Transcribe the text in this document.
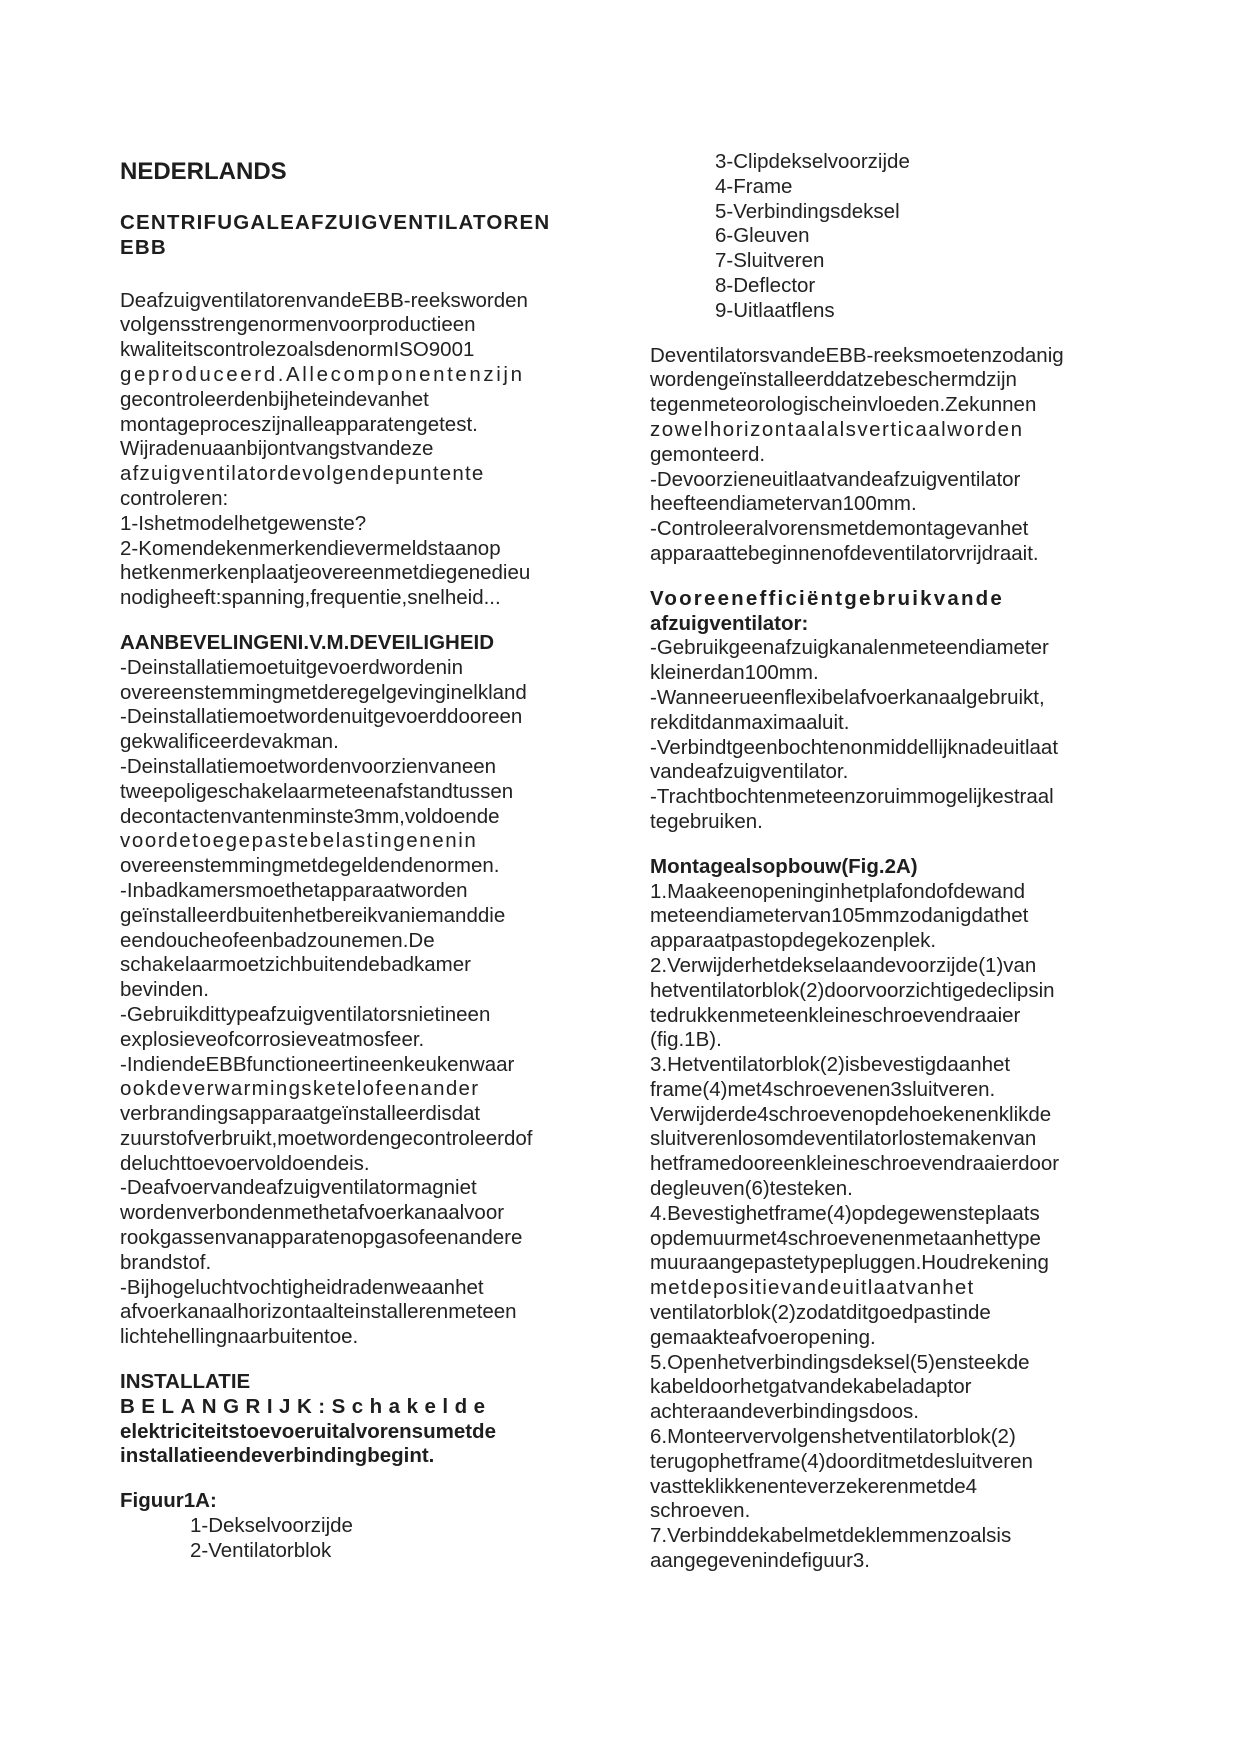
NEDERLANDS
CENTRIFUGALEAFZUIGVENTILATOREN
EBB
DeafzuigventilatorenvandeEBB-reeksworden
volgensstrengenormenvoorproductieen
kwaliteitscontrolezoalsdenormISO9001
geproduceerd.Allecomponentenzijn
gecontroleerdenbijheteindevanhet
montageproceszijnalleapparatengetest.
Wijradenuaanbijontvangstvandeze
afzuigventilatordevolgendepuntente
controleren:
1-Ishetmodelhetgewenste?
2-Komendekenmerkendievermeldstaanop
hetkenmerkenplaatjeovereenmetdiegenedieu
nodigheeft:spanning,frequentie,snelheid...
AANBEVELINGENI.V.M.DEVEILIGHEID
-Deinstallatiemoetuitgevoerdwordenin
overeenstemmingmetderegelgevinginelkland
-Deinstallatiemoetwordenuitgevoerddooreen
gekwalificeerdevakman.
-Deinstallatiemoetwordenvoorzienvaneen
tweepoligeschakelaarmeteenafstandtussen
decontactenvantenminste3mm,voldoende
voordetoegepastebelastingenenin
overeenstemmingmetdegeldendenormen.
-Inbadkamersmoethetapparaatworden
geïnstalleerdbuitenhetbereikvaniemanddie
eendoucheofeenbadzounemen.De
schakelaarmoetzichbuitendebadkamer
bevinden.
-Gebruikdittypeafzuigventilatorsnietineen
explosieveofcorrosieveatmosfeer.
-IndiendeEBBfunctioneertineenkeukenwaar
ookdeverwarmingsketelofeenander
verbrandingsapparaatgeïnstalleerdisdat
zuurstofverbruikt,moetwordengecontroleerdof
deluchttoevoervoldoendeis.
-Deafvoervandeafzuigventilatormagniet
wordenverbondenmethetafvoerkanaalvoor
rookgassenvanapparatenopgasofeenandere
brandstof.
-Bijhogeluchtvochtigheidradenweaanhet
afvoerkanaalhorizontaalteinstallerenmeteen
lichtehellingnaarbuitentoe.
INSTALLATIE
BELANGRIJK:Schakelde
elektriciteitstoevoeruitalvorensumetde
installatieendeverbindingbegint.
Figuur1A:
1-Dekselvoorzijde
2-Ventilatorblok
3-Clipdekselvoorzijde
4-Frame
5-Verbindingsdeksel
6-Gleuven
7-Sluitveren
8-Deflector
9-Uitlaatflens
DeventilatorsvandeEBB-reeksmoetenzodanig
wordengeïnstalleerddatzebeschermdzijn
tegenmeteorologischeinvloeden.Zekunnen
zowelhorizontaalalsverticaalworden
gemonteerd.
-Devoorzieneuitlaatvandeafzuigventilator
heefteendiametervan100mm.
-Controleeralvorensmetdemontagevanhet
apparaattebeginnenofdeventilatorvrijdraait.
Vooreenefficiëntgebruikvande
afzuigventilator:
-Gebruikgeenafzuigkanalenmeteendiameter
kleinerdan100mm.
-Wanneerueenflexibelafvoerkanaalgebruikt,
rekditdanmaximaaluit.
-Verbindtgeenbochtenonmiddellijknadeuitlaat
vandeafzuigventilator.
-Trachtbochtenmeteenzoruimmogelijkestraal
tegebruiken.
Montagealsopbouw(Fig.2A)
1.Maakeenopeninginhetplafondofdewand
meteendiametervan105mmzodanigdathet
apparaatpastopdegekozenplek.
2.Verwijderhetdekselaandevoorzijde(1)van
hetventilatorblok(2)doorvoorzichtigedeclipsin
tedrukkenmeteenkleineschroevendraaier
(fig.1B).
3.Hetventilatorblok(2)isbevestigdaanhet
frame(4)met4schroevenen3sluitveren.
Verwijderde4schroevenopdehoekenenklikde
sluitverenlosomdeventilatorlostemakenvan
hetframedooreenkleineschroevendraaierdoor
degleuven(6)testeken.
4.Bevestighetframe(4)opdegewensteplaats
opdemuurmet4schroevenenmetaanhettype
muuraangepastetypepluggen.Houdrekening
metdepositievandeuitlaatvanhet
ventilatorblok(2)zodatditgoedpastinde
gemaakteafvoeropening.
5.Openhetverbindingsdeksel(5)ensteekde
kabeldoorhetgatvandekabeladaptor
achteraandeverbindingsdoos.
6.Monteervervolgenshetventilatorblok(2)
terugophetframe(4)doorditmetdesluitveren
vastteklikkenenteverzekerenmetde4
schroeven.
7.Verbinddekabelmetdeklemmenzoalsis
aangegevenindefiguur3.
